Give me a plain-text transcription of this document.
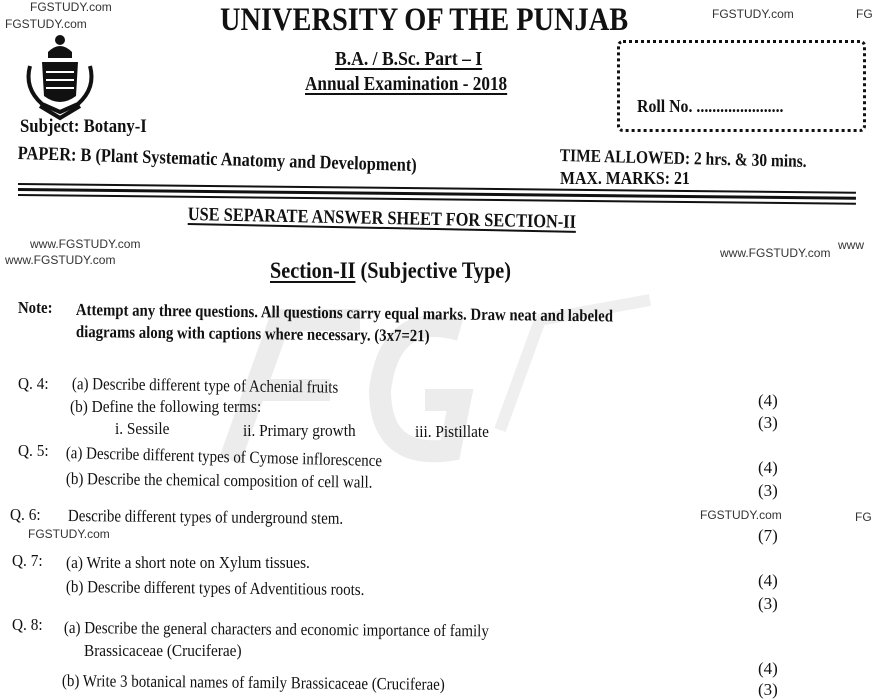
FGSTUDY.com
FGSTUDY.com
FGSTUDY.com	FG
www.FGSTUDY.com
www.FGSTUDY.com	www.FGSTUDY.com
www
FGSTUDY.com
FGSTUDY.com	FG
UNIVERSITY OF THE PUNJAB
B.A. / B.Sc. Part – I
Annual Examination - 2018
Roll No. ......................
Subject: Botany-I
PAPER: B (Plant Systematic Anatomy and Development)	TIME ALLOWED: 2 hrs. & 30 mins.
MAX. MARKS: 21
USE SEPARATE ANSWER SHEET FOR SECTION-II
Section-II (Subjective Type)
Note: Attempt any three questions. All questions carry equal marks. Draw neat and labeled
diagrams along with captions where necessary. (3x7=21)
Q. 4: (a) Describe different type of Achenial fruits
(b) Define the following terms:
i. Sessile	ii. Primary growth	iii. Pistillate
(4)
(3)
Q. 5: (a) Describe different types of Cymose inflorescence
(b) Describe the chemical composition of cell wall.
(4)
(3)
Q. 6: Describe different types of underground stem.
(7)
Q. 7: (a) Write a short note on Xylum tissues.
(b) Describe different types of Adventitious roots.	(4)
(3)
Q. 8: (a) Describe the general characters and economic importance of family
Brassicaceae (Cruciferae)
(b) Write 3 botanical names of family Brassicaceae (Cruciferae)
(4)
(3)
